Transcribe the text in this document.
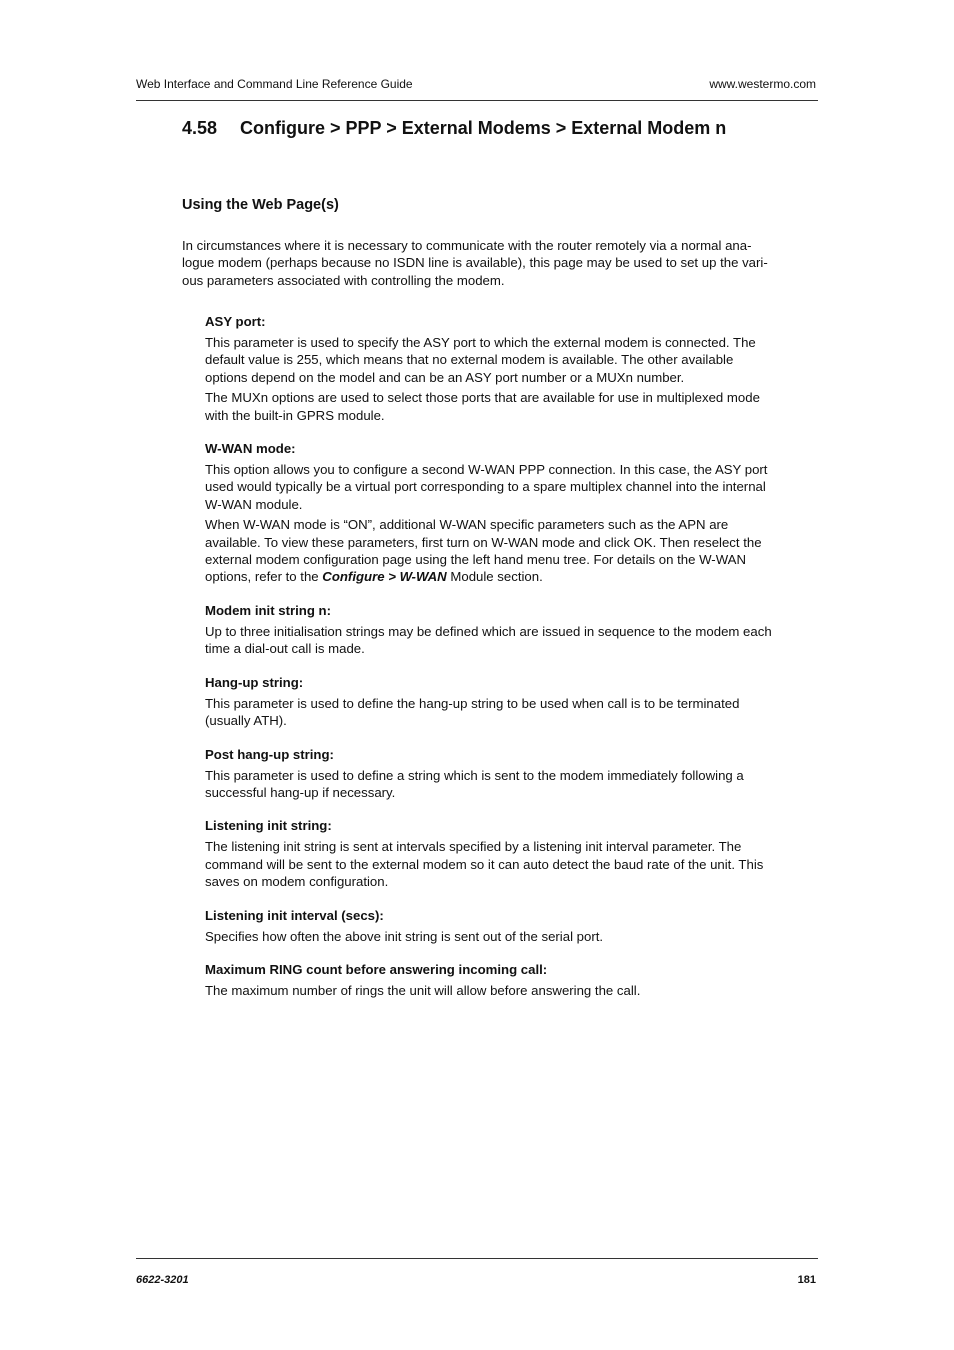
Web Interface and Command Line Reference Guide	www.westermo.com
4.58 Configure > PPP > External Modems > External Modem n
Using the Web Page(s)
In circumstances where it is necessary to communicate with the router remotely via a normal ana-logue modem (perhaps because no ISDN line is available), this page may be used to set up the vari-ous parameters associated with controlling the modem.
ASY port:

This parameter is used to specify the ASY port to which the external modem is connected. The default value is 255, which means that no external modem is available. The other available options depend on the model and can be an ASY port number or a MUXn number.

The MUXn options are used to select those ports that are available for use in multiplexed mode with the built-in GPRS module.

W-WAN mode:

This option allows you to configure a second W-WAN PPP connection. In this case, the ASY port used would typically be a virtual port corresponding to a spare multiplex channel into the internal W-WAN module.

When W-WAN mode is “ON”, additional W-WAN specific parameters such as the APN are available. To view these parameters, first turn on W-WAN mode and click OK. Then reselect the external modem configuration page using the left hand menu tree. For details on the W-WAN options, refer to the Configure > W-WAN Module section.

Modem init string n:

Up to three initialisation strings may be defined which are issued in sequence to the modem each time a dial-out call is made.

Hang-up string:

This parameter is used to define the hang-up string to be used when call is to be terminated (usually ATH).

Post hang-up string:

This parameter is used to define a string which is sent to the modem immediately following a successful hang-up if necessary.

Listening init string:

The listening init string is sent at intervals specified by a listening init interval parameter. The command will be sent to the external modem so it can auto detect the baud rate of the unit. This saves on modem configuration.

Listening init interval (secs):

Specifies how often the above init string is sent out of the serial port.

Maximum RING count before answering incoming call:

The maximum number of rings the unit will allow before answering the call.

6622-3201	181
